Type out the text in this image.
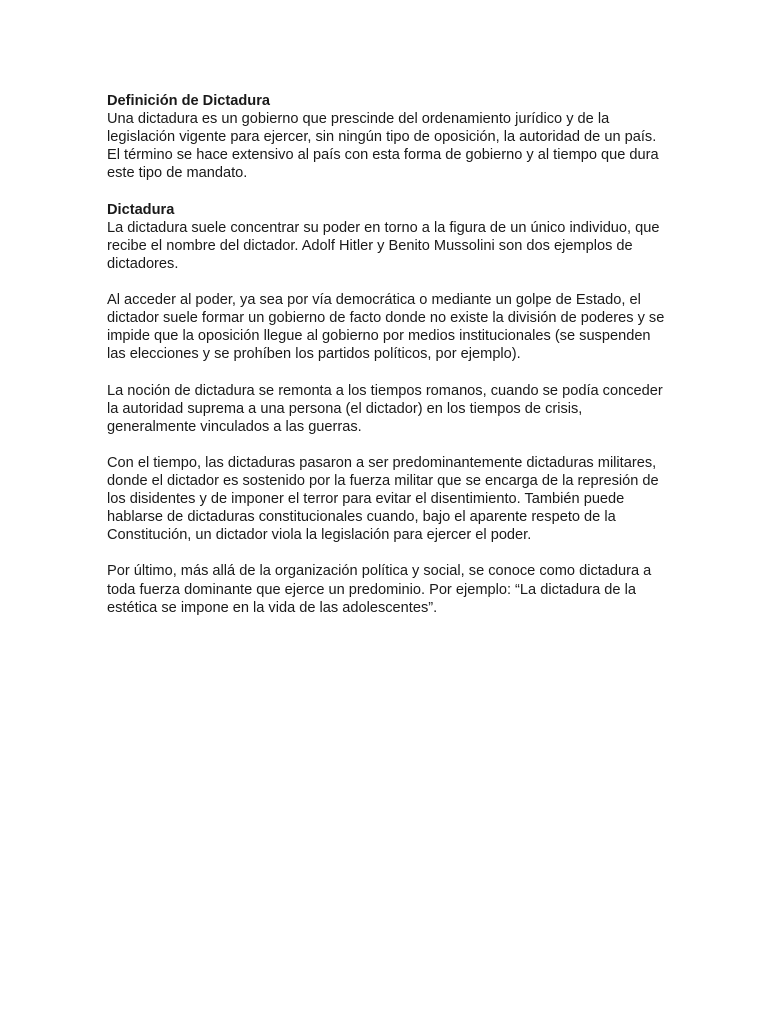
Definición de Dictadura

Una dictadura es un gobierno que prescinde del ordenamiento jurídico y de la legislación vigente para ejercer, sin ningún tipo de oposición, la autoridad de un país. El término se hace extensivo al país con esta forma de gobierno y al tiempo que dura este tipo de mandato.

Dictadura

La dictadura suele concentrar su poder en torno a la figura de un único individuo, que recibe el nombre del dictador. Adolf Hitler y Benito Mussolini son dos ejemplos de dictadores.

Al acceder al poder, ya sea por vía democrática o mediante un golpe de Estado, el dictador suele formar un gobierno de facto donde no existe la división de poderes y se impide que la oposición llegue al gobierno por medios institucionales (se suspenden las elecciones y se prohíben los partidos políticos, por ejemplo).

La noción de dictadura se remonta a los tiempos romanos, cuando se podía conceder la autoridad suprema a una persona (el dictador) en los tiempos de crisis, generalmente vinculados a las guerras.

Con el tiempo, las dictaduras pasaron a ser predominantemente dictaduras militares, donde el dictador es sostenido por la fuerza militar que se encarga de la represión de los disidentes y de imponer el terror para evitar el disentimiento. También puede hablarse de dictaduras constitucionales cuando, bajo el aparente respeto de la Constitución, un dictador viola la legislación para ejercer el poder.

Por último, más allá de la organización política y social, se conoce como dictadura a toda fuerza dominante que ejerce un predominio. Por ejemplo: “La dictadura de la estética se impone en la vida de las adolescentes”.
